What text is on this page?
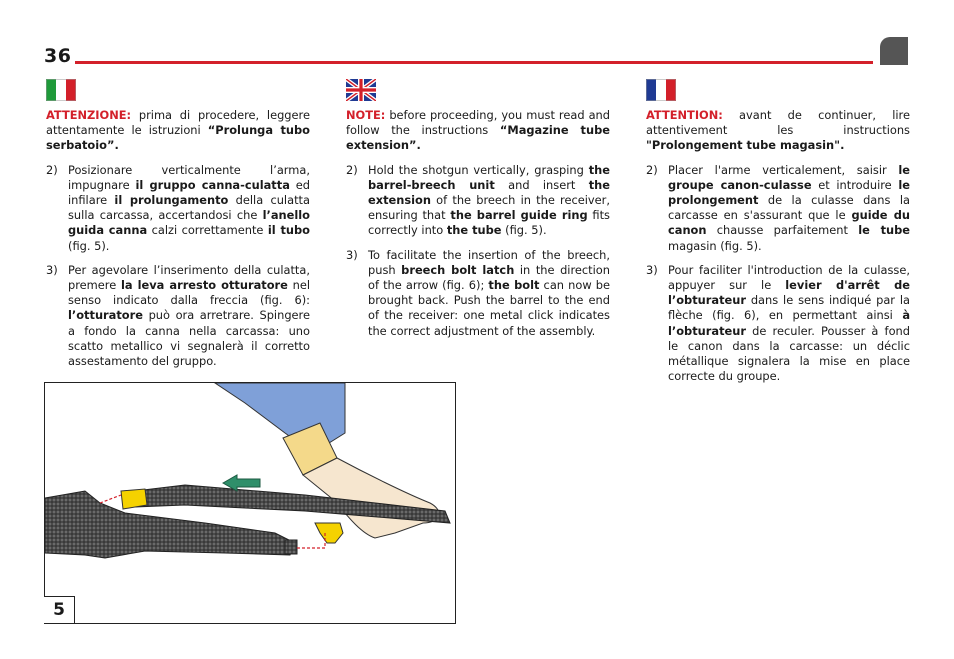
36

ATTENZIONE: prima di procedere, leggere attentamente le istruzioni “Prolunga tubo serbatoio”.

2) Posizionare verticalmente l’arma, impugnare il gruppo canna-culatta ed infilare il prolungamento della culatta sulla carcassa, accertandosi che l’anello guida canna calzi correttamente il tubo (fig. 5).
3) Per agevolare l’inserimento della culatta, premere la leva arresto otturatore nel senso indicato dalla freccia (fig. 6): l’otturatore può ora arretrare. Spingere a fondo la canna nella carcassa: uno scatto metallico vi segnalerà il corretto assestamento del gruppo.

NOTE: before proceeding, you must read and follow the instructions “Magazine tube extension”.

2) Hold the shotgun vertically, grasping the barrel-breech unit and insert the extension of the breech in the receiver, ensuring that the barrel guide ring fits correctly into the tube (fig. 5).
3) To facilitate the insertion of the breech, push breech bolt latch in the direction of the arrow (fig. 6); the bolt can now be brought back. Push the barrel to the end of the receiver: one metal click indicates the correct adjustment of the assembly.

ATTENTION: avant de continuer, lire attentivement les instructions "Prolongement tube magasin".

2) Placer l'arme verticalement, saisir le groupe canon-culasse et introduire le prolongement de la culasse dans la carcasse en s'assurant que le guide du canon chausse parfaitement le tube magasin (fig. 5).
3) Pour faciliter l'introduction de la culasse, appuyer sur le levier d'arrêt de l’obturateur dans le sens indiqué par la flèche (fig. 6), en permettant ainsi à l’obturateur de reculer. Pousser à fond le canon dans la carcasse: un déclic métallique signalera la mise en place correcte du groupe.
5
